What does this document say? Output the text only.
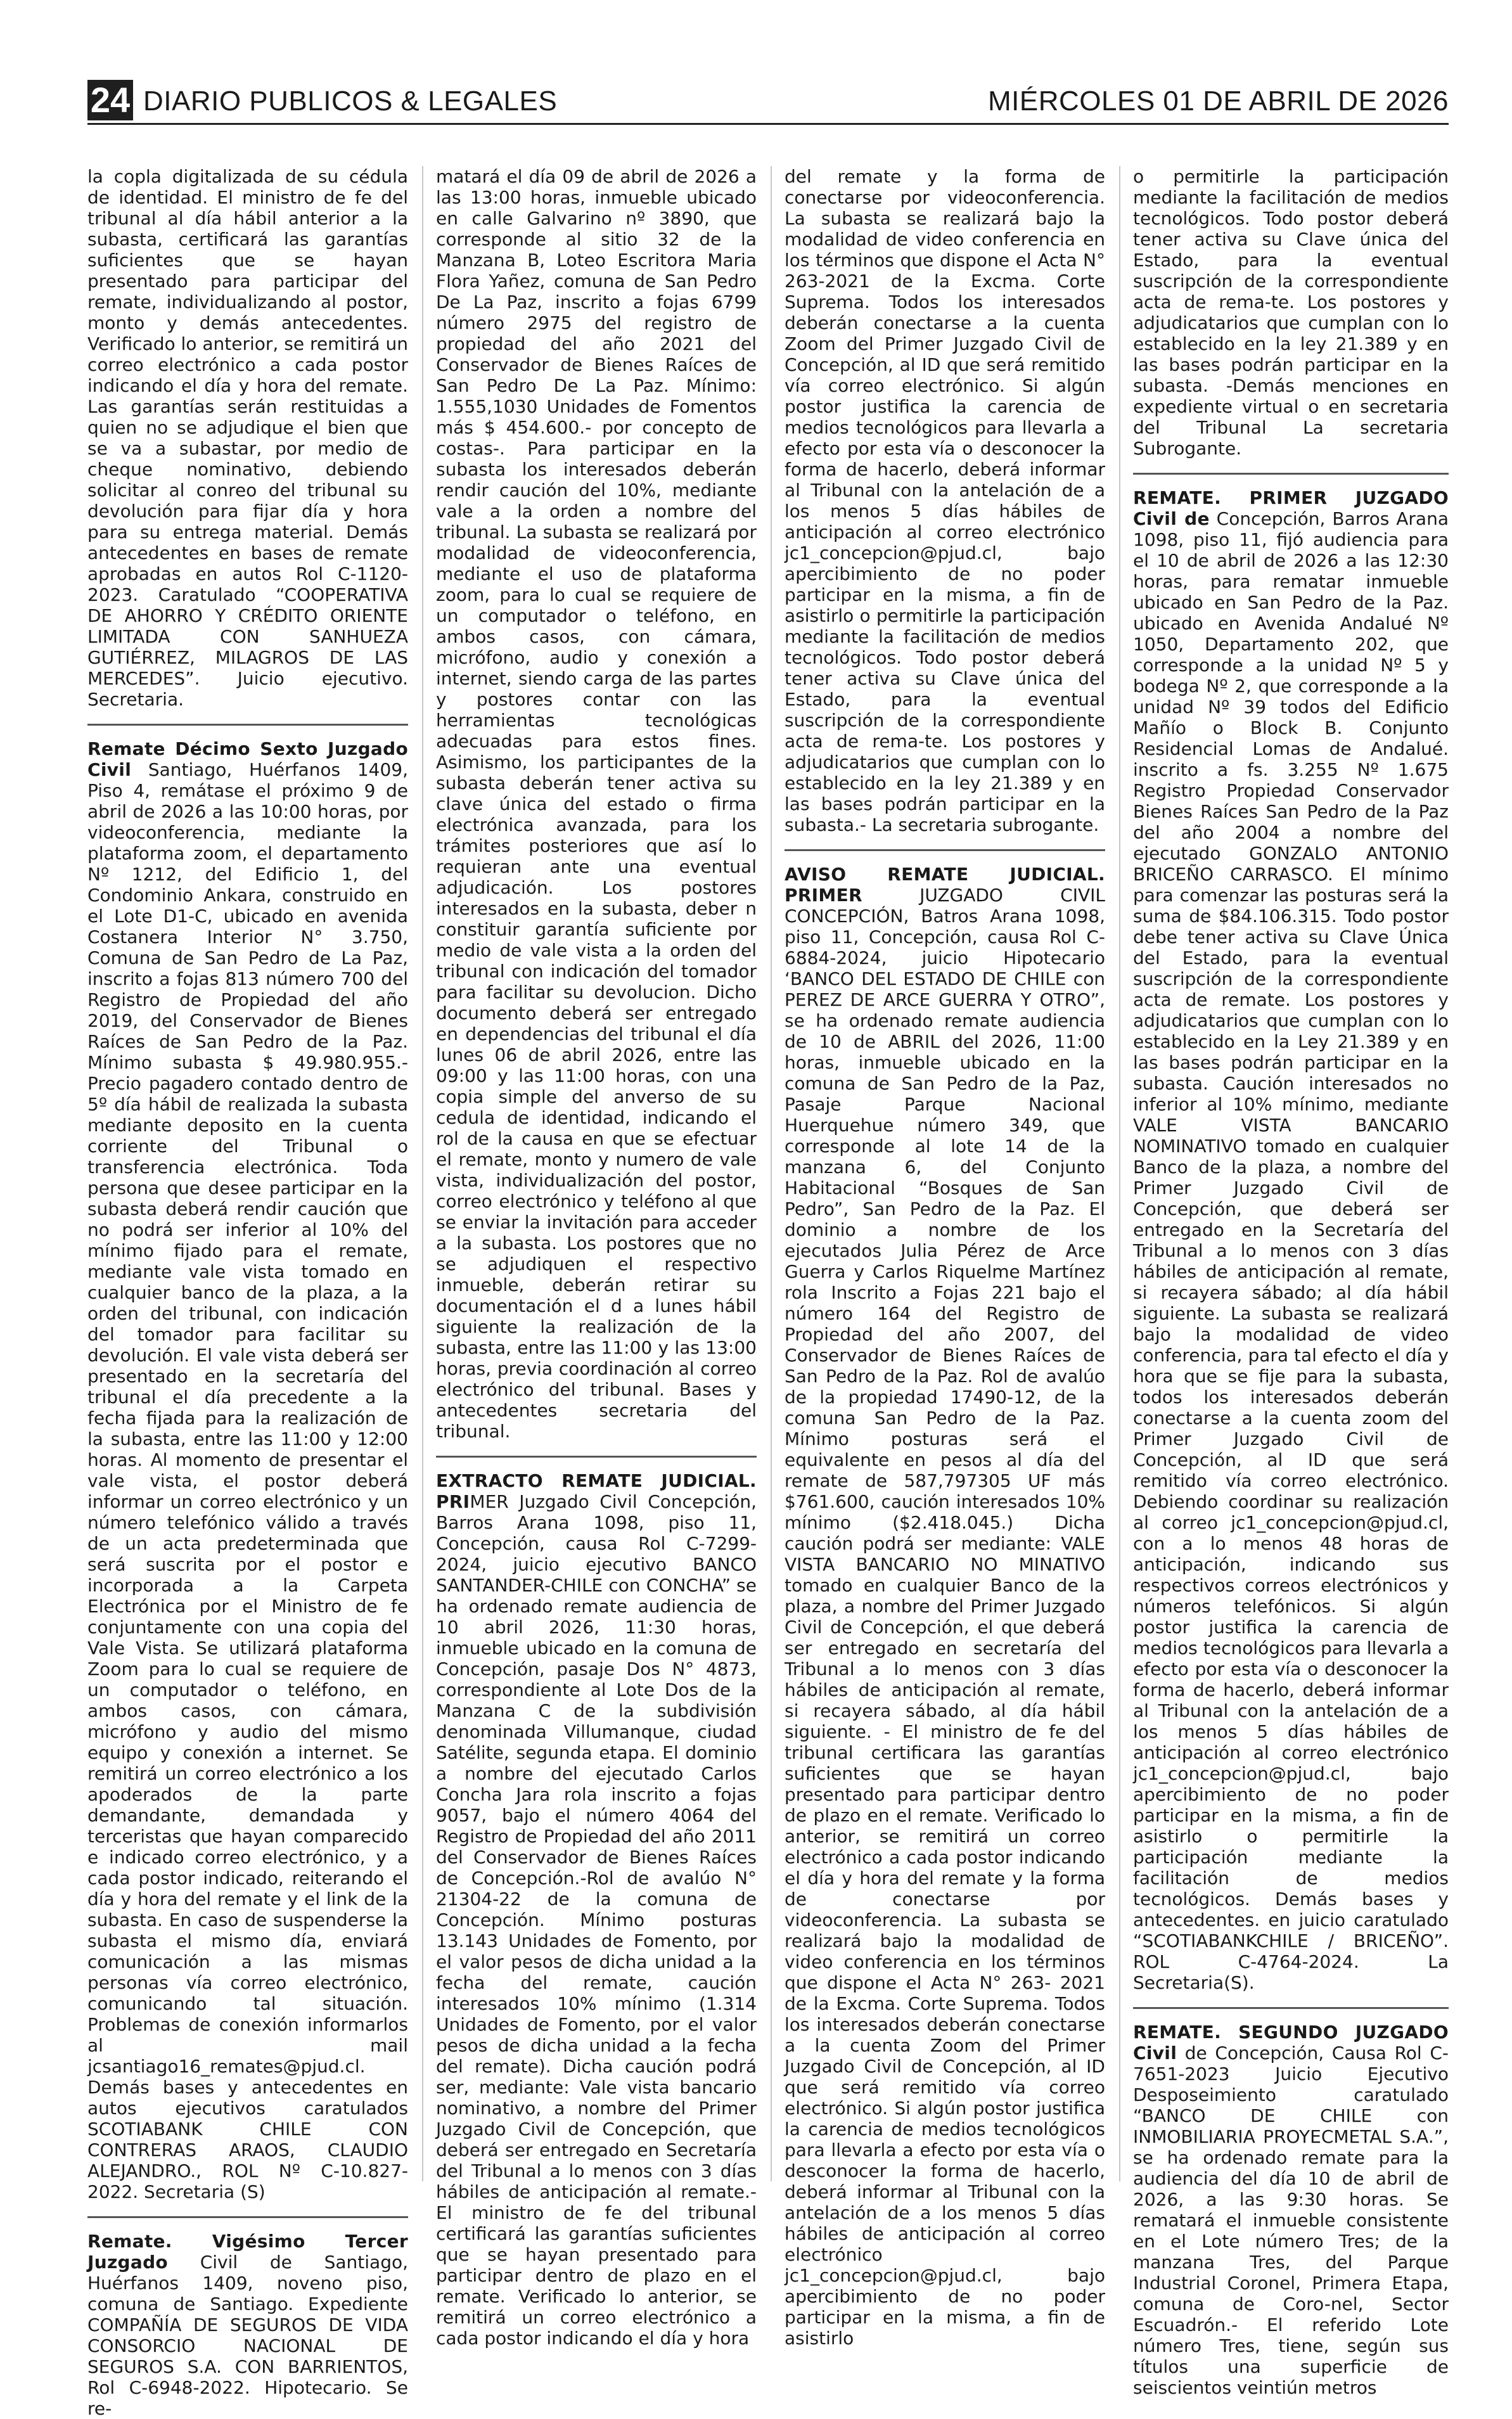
24 DIARIO PUBLICOS & LEGALES	MIÉRCOLES 01 DE ABRIL DE 2026

la copla digitalizada de su cédula de identidad. El ministro de fe del tribunal al día hábil anterior a la subasta, certificará las garantías suficientes que se hayan presentado para participar del remate, individualizando al postor, monto y demás antecedentes. Verificado lo anterior, se remitirá un correo electrónico a cada postor indicando el día y hora del remate. Las garantías serán restituidas a quien no se adjudique el bien que se va a subastar, por medio de cheque nominativo, debiendo solicitar al conreo del tribunal su devolución para fijar día y hora para su entrega material. Demás antecedentes en bases de remate aprobadas en autos Rol C-1120-2023. Caratulado “COOPERATIVA DE AHORRO Y CRÉDITO ORIENTE LIMITADA CON SANHUEZA GUTIÉRREZ, MILAGROS DE LAS MERCEDES”. Juicio ejecutivo. Secretaria.

Remate Décimo Sexto Juzgado Civil Santiago, Huérfanos 1409, Piso 4, remátase el próximo 9 de abril de 2026 a las 10:00 horas, por videoconferencia, mediante la plataforma zoom, el departamento Nº 1212, del Edificio 1, del Condominio Ankara, construido en el Lote D1-C, ubicado en avenida Costanera Interior N° 3.750, Comuna de San Pedro de La Paz, inscrito a fojas 813 número 700 del Registro de Propiedad del año 2019, del Conservador de Bienes Raíces de San Pedro de la Paz. Mínimo subasta $ 49.980.955.- Precio pagadero contado dentro de 5º día hábil de realizada la subasta mediante deposito en la cuenta corriente del Tribunal o transferencia electrónica. Toda persona que desee participar en la subasta deberá rendir caución que no podrá ser inferior al 10% del mínimo fijado para el remate, mediante vale vista tomado en cualquier banco de la plaza, a la orden del tribunal, con indicación del tomador para facilitar su devolución. El vale vista deberá ser presentado en la secretaría del tribunal el día precedente a la fecha fijada para la realización de la subasta, entre las 11:00 y 12:00 horas. Al momento de presentar el vale vista, el postor deberá informar un correo electrónico y un número telefónico válido a través de un acta predeterminada que será suscrita por el postor e incorporada a la Carpeta Electrónica por el Ministro de fe conjuntamente con una copia del Vale Vista. Se utilizará plataforma Zoom para lo cual se requiere de un computador o teléfono, en ambos casos, con cámara, micrófono y audio del mismo equipo y conexión a internet. Se remitirá un correo electrónico a los apoderados de la parte demandante, demandada y terceristas que hayan comparecido e indicado correo electrónico, y a cada postor indicado, reiterando el día y hora del remate y el link de la subasta. En caso de suspenderse la subasta el mismo día, enviará comunicación a las mismas personas vía correo electrónico, comunicando tal situación. Problemas de conexión informarlos al mail jcsantiago16_remates@pjud.cl. Demás bases y antecedentes en autos ejecutivos caratulados SCOTIABANK CHILE CON CONTRERAS ARAOS, CLAUDIO ALEJANDRO., ROL Nº C-10.827-2022. Secretaria (S)

Remate. Vigésimo Tercer Juzgado Civil de Santiago, Huérfanos 1409, noveno piso, comuna de Santiago. Expediente COMPAÑÍA DE SEGUROS DE VIDA CONSORCIO NACIONAL DE SEGUROS S.A. CON BARRIENTOS, Rol C-6948-2022. Hipotecario. Se re-

matará el día 09 de abril de 2026 a las 13:00 horas, inmueble ubicado en calle Galvarino nº 3890, que corresponde al sitio 32 de la Manzana B, Loteo Escritora Maria Flora Yañez, comuna de San Pedro De La Paz, inscrito a fojas 6799 número 2975 del registro de propiedad del año 2021 del Conservador de Bienes Raíces de San Pedro De La Paz. Mínimo: 1.555,1030 Unidades de Fomentos más $ 454.600.- por concepto de costas-. Para participar en la subasta los interesados deberán rendir caución del 10%, mediante vale a la orden a nombre del tribunal. La subasta se realizará por modalidad de videoconferencia, mediante el uso de plataforma zoom, para lo cual se requiere de un computador o teléfono, en ambos casos, con cámara, micrófono, audio y conexión a internet, siendo carga de las partes y postores contar con las herramientas tecnológicas adecuadas para estos fines. Asimismo, los participantes de la subasta deberán tener activa su clave única del estado o firma electrónica avanzada, para los trámites posteriores que así lo requieran ante una eventual adjudicación. Los postores interesados en la subasta, deber n constituir garantía suficiente por medio de vale vista a la orden del tribunal con indicación del tomador para facilitar su devolucion. Dicho documento deberá ser entregado en dependencias del tribunal el día lunes 06 de abril 2026, entre las 09:00 y las 11:00 horas, con una copia simple del anverso de su cedula de identidad, indicando el rol de la causa en que se efectuar el remate, monto y numero de vale vista, individualización del postor, correo electrónico y teléfono al que se enviar la invitación para acceder a la subasta. Los postores que no se adjudiquen el respectivo inmueble, deberán retirar su documentación el d a lunes hábil siguiente la realización de la subasta, entre las 11:00 y las 13:00 horas, previa coordinación al correo electrónico del tribunal. Bases y antecedentes secretaria del tribunal.

EXTRACTO REMATE JUDICIAL. PRIMER Juzgado Civil Concepción, Barros Arana 1098, piso 11, Concepción, causa Rol C-7299-2024, juicio ejecutivo BANCO SANTANDER-CHILE con CONCHA” se ha ordenado remate audiencia de 10 abril 2026, 11:30 horas, inmueble ubicado en la comuna de Concepción, pasaje Dos N° 4873, correspondiente al Lote Dos de la Manzana C de la subdivisión denominada Villumanque, ciudad Satélite, segunda etapa. El dominio a nombre del ejecutado Carlos Concha Jara rola inscrito a fojas 9057, bajo el número 4064 del Registro de Propiedad del año 2011 del Conservador de Bienes Raíces de Concepción.-Rol de avalúo N° 21304-22 de la comuna de Concepción. Mínimo posturas 13.143 Unidades de Fomento, por el valor pesos de dicha unidad a la fecha del remate, caución interesados 10% mínimo (1.314 Unidades de Fomento, por el valor pesos de dicha unidad a la fecha del remate). Dicha caución podrá ser, mediante: Vale vista bancario nominativo, a nombre del Primer Juzgado Civil de Concepción, que deberá ser entregado en Secretaría del Tribunal a lo menos con 3 días hábiles de anticipación al remate.- El ministro de fe del tribunal certificará las garantías suficientes que se hayan presentado para participar dentro de plazo en el remate. Verificado lo anterior, se remitirá un correo electrónico a cada postor indicando el día y hora

del remate y la forma de conectarse por videoconferencia. La subasta se realizará bajo la modalidad de video conferencia en los términos que dispone el Acta N° 263-2021 de la Excma. Corte Suprema. Todos los interesados deberán conectarse a la cuenta Zoom del Primer Juzgado Civil de Concepción, al ID que será remitido vía correo electrónico. Si algún postor justifica la carencia de medios tecnológicos para llevarla a efecto por esta vía o desconocer la forma de hacerlo, deberá informar al Tribunal con la antelación de a los menos 5 días hábiles de anticipación al correo electrónico jc1_concepcion@pjud.cl, bajo apercibimiento de no poder participar en la misma, a fin de asistirlo o permitirle la participación mediante la facilitación de medios tecnológicos. Todo postor deberá tener activa su Clave única del Estado, para la eventual suscripción de la correspondiente acta de rema-te. Los postores y adjudicatarios que cumplan con lo establecido en la ley 21.389 y en las bases podrán participar en la subasta.- La secretaria subrogante.

AVISO REMATE JUDICIAL. PRIMER JUZGADO CIVIL CONCEPCIÓN, Batros Arana 1098, piso 11, Concepción, causa Rol C- 6884-2024, juicio Hipotecario ‘BANCO DEL ESTADO DE CHILE con PEREZ DE ARCE GUERRA Y OTRO”, se ha ordenado remate audiencia de 10 de ABRIL del 2026, 11:00 horas, inmueble ubicado en la comuna de San Pedro de la Paz, Pasaje Parque Nacional Huerquehue número 349, que corresponde al lote 14 de la manzana 6, del Conjunto Habitacional “Bosques de San Pedro”, San Pedro de la Paz. El dominio a nombre de los ejecutados Julia Pérez de Arce Guerra y Carlos Riquelme Martínez rola Inscrito a Fojas 221 bajo el número 164 del Registro de Propiedad del año 2007, del Conservador de Bienes Raíces de San Pedro de la Paz. Rol de avalúo de la propiedad 17490-12, de la comuna San Pedro de la Paz. Mínimo posturas será el equivalente en pesos al día del remate de 587,797305 UF más $761.600, caución interesados 10% mínimo ($2.418.045.) Dicha caución podrá ser mediante: VALE VISTA BANCARIO NO MINATIVO tomado en cualquier Banco de la plaza, a nombre del Primer Juzgado Civil de Concepción, el que deberá ser entregado en secretaría del Tribunal a lo menos con 3 días hábiles de anticipación al remate, si recayera sábado, al día hábil siguiente. - El ministro de fe del tribunal certificara las garantías suficientes que se hayan presentado para participar dentro de plazo en el remate. Verificado lo anterior, se remitirá un correo electrónico a cada postor indicando el día y hora del remate y la forma de conectarse por videoconferencia. La subasta se realizará bajo la modalidad de video conferencia en los términos que dispone el Acta N° 263- 2021 de la Excma. Corte Suprema. Todos los interesados deberán conectarse a la cuenta Zoom del Primer Juzgado Civil de Concepción, al ID que será remitido vía correo electrónico. Si algún postor justifica la carencia de medios tecnológicos para llevarla a efecto por esta vía o desconocer la forma de hacerlo, deberá informar al Tribunal con la antelación de a los menos 5 días hábiles de anticipación al correo electrónico jc1_concepcion@pjud.cl, bajo apercibimiento de no poder participar en la misma, a fin de asistirlo

o permitirle la participación mediante la facilitación de medios tecnológicos. Todo postor deberá tener activa su Clave única del Estado, para la eventual suscripción de la correspondiente acta de rema-te. Los postores y adjudicatarios que cumplan con lo establecido en la ley 21.389 y en las bases podrán participar en la subasta. -Demás menciones en expediente virtual o en secretaria del Tribunal La secretaria Subrogante.

REMATE. PRIMER JUZGADO Civil de Concepción, Barros Arana 1098, piso 11, fijó audiencia para el 10 de abril de 2026 a las 12:30 horas, para rematar inmueble ubicado en San Pedro de la Paz. ubicado en Avenida Andalué Nº 1050, Departamento 202, que corresponde a la unidad Nº 5 y bodega Nº 2, que corresponde a la unidad Nº 39 todos del Edificio Mañío o Block B. Conjunto Residencial Lomas de Andalué. inscrito a fs. 3.255 Nº 1.675 Registro Propiedad Conservador Bienes Raíces San Pedro de la Paz del año 2004 a nombre del ejecutado GONZALO ANTONIO BRICEÑO CARRASCO. El mínimo para comenzar las posturas será la suma de $84.106.315. Todo postor debe tener activa su Clave Única del Estado, para la eventual suscripción de la correspondiente acta de remate. Los postores y adjudicatarios que cumplan con lo establecido en la Ley 21.389 y en las bases podrán participar en la subasta. Caución interesados no inferior al 10% mínimo, mediante VALE VISTA BANCARIO NOMINATIVO tomado en cualquier Banco de la plaza, a nombre del Primer Juzgado Civil de Concepción, que deberá ser entregado en la Secretaría del Tribunal a lo menos con 3 días hábiles de anticipación al remate, si recayera sábado; al día hábil siguiente. La subasta se realizará bajo la modalidad de video conferencia, para tal efecto el día y hora que se fije para la subasta, todos los interesados deberán conectarse a la cuenta zoom del Primer Juzgado Civil de Concepción, al ID que será remitido vía correo electrónico. Debiendo coordinar su realización al correo jc1_concepcion@pjud.cl, con a lo menos 48 horas de anticipación, indicando sus respectivos correos electrónicos y números telefónicos. Si algún postor justifica la carencia de medios tecnológicos para llevarla a efecto por esta vía o desconocer la forma de hacerlo, deberá informar al Tribunal con la antelación de a los menos 5 días hábiles de anticipación al correo electrónico jc1_concepcion@pjud.cl, bajo apercibimiento de no poder participar en la misma, a fin de asistirlo o permitirle la participación mediante la facilitación de medios tecnológicos. Demás bases y antecedentes. en juicio caratulado “SCOTIABANKCHILE / BRICEÑO”. ROL C-4764-2024. La Secretaria(S).

REMATE. SEGUNDO JUZGADO Civil de Concepción, Causa Rol C-7651-2023 Juicio Ejecutivo Desposeimiento caratulado “BANCO DE CHILE con INMOBILIARIA PROYECMETAL S.A.”, se ha ordenado remate para la audiencia del día 10 de abril de 2026, a las 9:30 horas. Se rematará el inmueble consistente en el Lote número Tres; de la manzana Tres, del Parque Industrial Coronel, Primera Etapa, comuna de Coro-nel, Sector Escuadrón.- El referido Lote número Tres, tiene, según sus títulos una superficie de seiscientos veintiún metros
